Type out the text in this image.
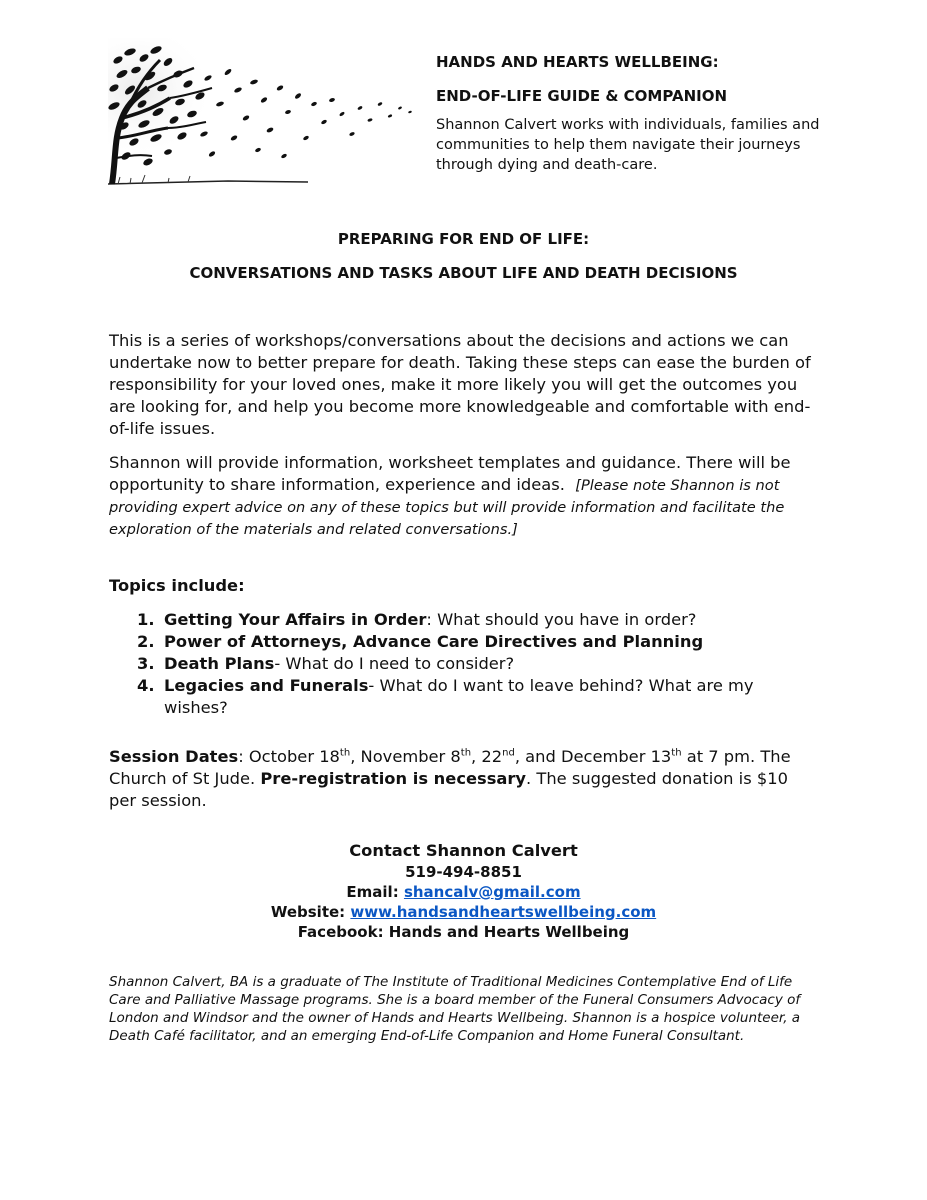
HANDS AND HEARTS WELLBEING:

END-OF-LIFE GUIDE & COMPANION

Shannon Calvert works with individuals, families and communities to help them navigate their journeys through dying and death-care.
PREPARING FOR END OF LIFE:
CONVERSATIONS AND TASKS ABOUT LIFE AND DEATH DECISIONS
This is a series of workshops/conversations about the decisions and actions we can undertake now to better prepare for death. Taking these steps can ease the burden of responsibility for your loved ones, make it more likely you will get the outcomes you are looking for, and help you become more knowledgeable and comfortable with end-of-life issues.
Shannon will provide information, worksheet templates and guidance. There will be opportunity to share information, experience and ideas. [Please note Shannon is not providing expert advice on any of these topics but will provide information and facilitate the exploration of the materials and related conversations.]
Topics include:
1. Getting Your Affairs in Order: What should you have in order?
2. Power of Attorneys, Advance Care Directives and Planning
3. Death Plans- What do I need to consider?
4. Legacies and Funerals- What do I want to leave behind? What are my wishes?
Session Dates: October 18th, November 8th, 22nd, and December 13th at 7 pm. The Church of St Jude. Pre-registration is necessary. The suggested donation is $10 per session.
Contact Shannon Calvert
519-494-8851
Email: shancalv@gmail.com
Website: www.handsandheartswellbeing.com
Facebook: Hands and Hearts Wellbeing
Shannon Calvert, BA is a graduate of The Institute of Traditional Medicines Contemplative End of Life Care and Palliative Massage programs. She is a board member of the Funeral Consumers Advocacy of London and Windsor and the owner of Hands and Hearts Wellbeing. Shannon is a hospice volunteer, a Death Café facilitator, and an emerging End-of-Life Companion and Home Funeral Consultant.
